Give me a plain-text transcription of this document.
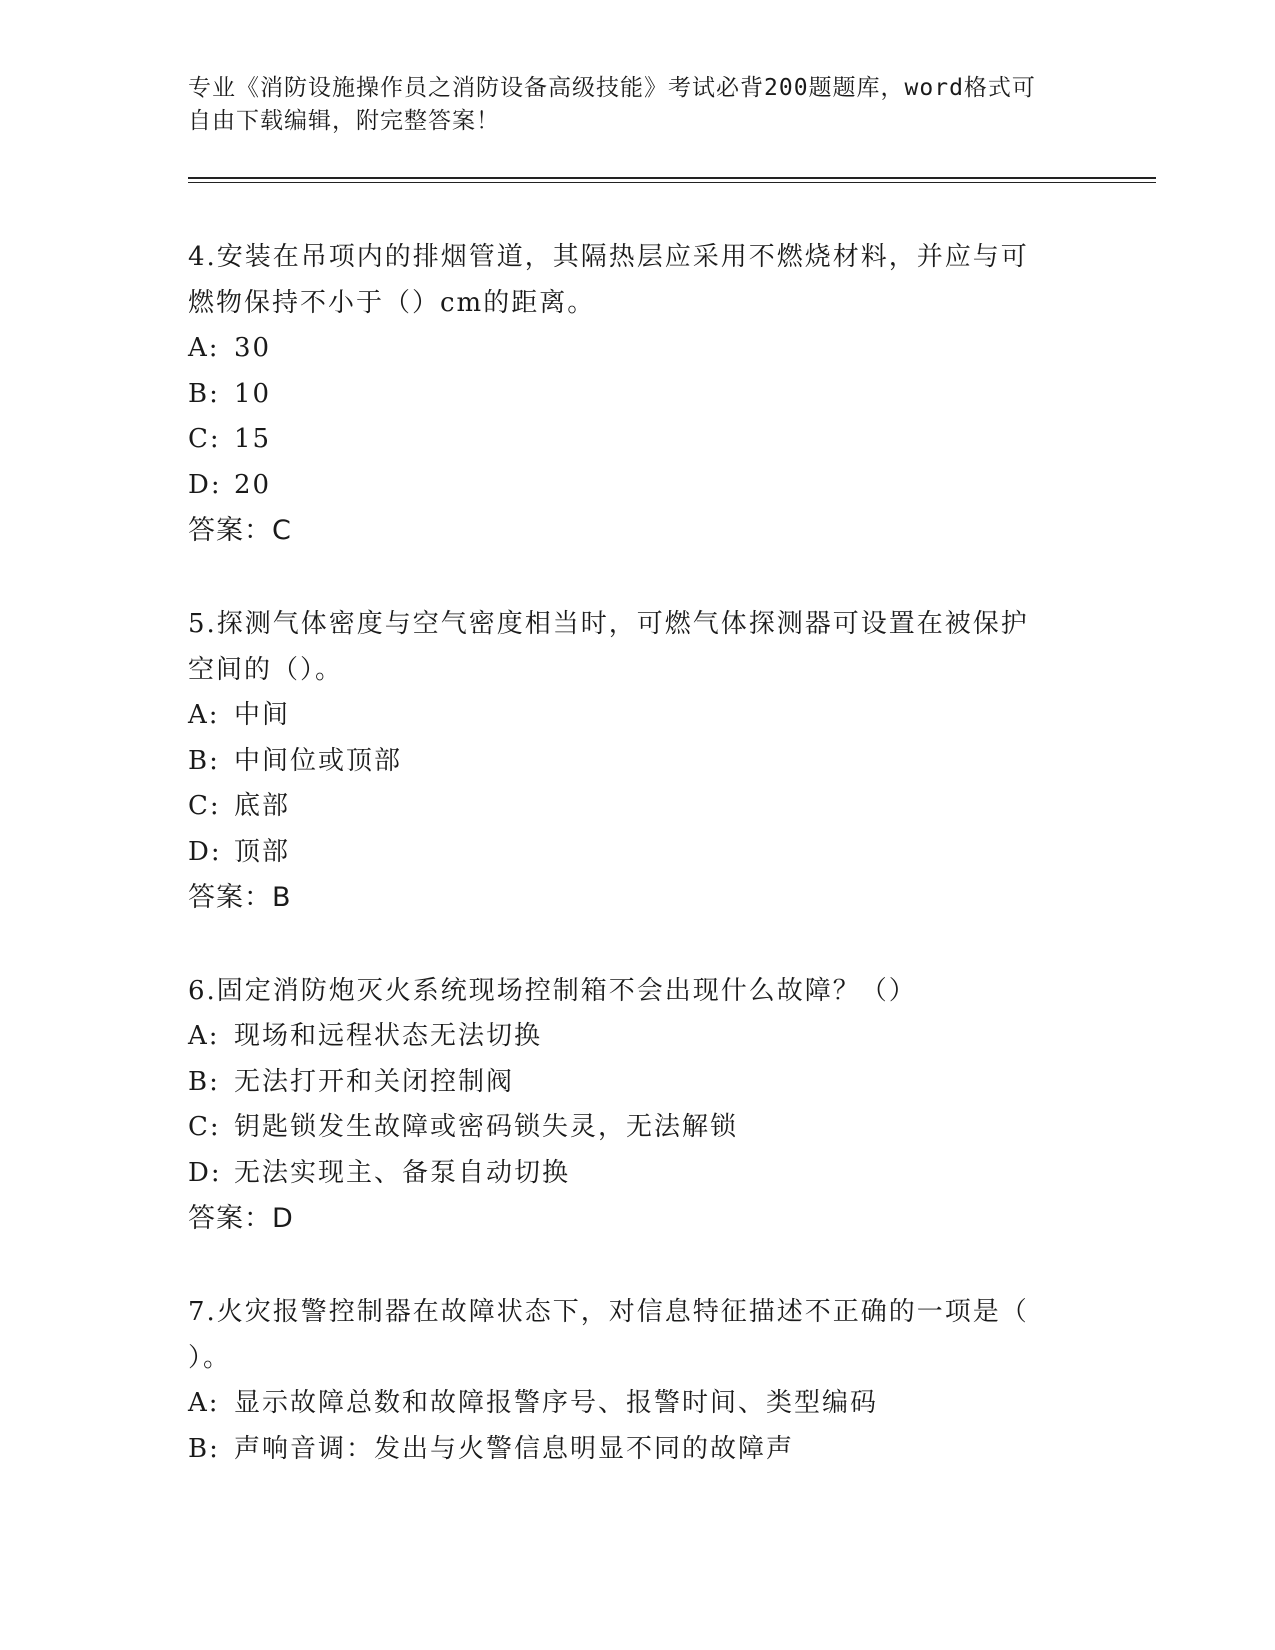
专业《消防设施操作员之消防设备高级技能》考试必背200题题库，word格式可
自由下载编辑，附完整答案！
4.安装在吊项内的排烟管道，其隔热层应采用不燃烧材料，并应与可
燃物保持不小于（）cm的距离。
A: 30
B: 10
C: 15
D: 20
答案：C
5.探测气体密度与空气密度相当时，可燃气体探测器可设置在被保护
空间的（）。
A: 中间
B: 中间位或顶部
C: 底部
D: 顶部
答案：B
6.固定消防炮灭火系统现场控制箱不会出现什么故障？（）
A: 现场和远程状态无法切换
B: 无法打开和关闭控制阀
C: 钥匙锁发生故障或密码锁失灵，无法解锁
D: 无法实现主、备泵自动切换
答案：D
7.火灾报警控制器在故障状态下，对信息特征描述不正确的一项是（
）。
A: 显示故障总数和故障报警序号、报警时间、类型编码
B: 声响音调：发出与火警信息明显不同的故障声
